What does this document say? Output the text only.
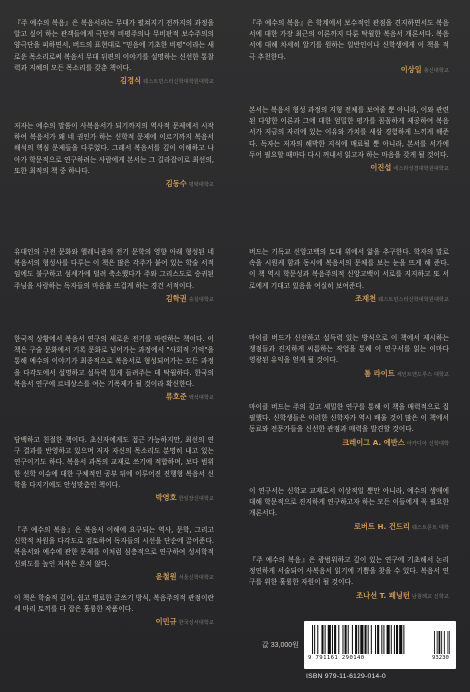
『주 예수의 복음』은 복음서라는 무대가 펼쳐지기 전까지의 과정을 알고 싶어 하는 관객들에게 극단적 비평주의나 무비판적 보수주의의 양극단을 피하면서, 버드의 표현대로 "믿음에 기초한 비평"이라는 새로운 목소리로써 복음서 무대 뒤편의 이야기를 설명하는 신선한 통찰력과 지혜의 모든 목소리를 갖춘 책이다.

김경식 웨스트민스터신학대학원대학교

저자는 예수의 말씀이 사복음서가 되기까지의 역사적 문제에서 시작하여 복음서가 왜 네 권인가 하는 신학적 문제에 이르기까지 복음서 해석의 핵심 문제들을 다루었다. 그래서 복음서를 깊이 이해하고 나아가 학문적으로 연구하려는 사람에게 본서는 그 길라잡이로 최선의, 또한 최적의 책 중 하나다.

김동수 평택대학교

유대인의 구전 문화와 헬레니즘의 전기 문학의 영향 아래 형성된 네 복음서의 형성사를 다루는 이 책은 많은 각주가 붙어 있는 학술 서적임에도 불구하고 섬세가에 덜려 축소했다가 주와 그리스도로 승귀된 주님을 사랑하는 독자들의 마음을 뜨겁게 하는 경건 서적이다.

김학권 숭실대학교

한국적 상황에서 복음서 연구의 새로운 전기를 마련하는 책이다. 이 책은 구술 문화에서 기록 문화로 넘어가는 과정에서 "사회적 기억"을 통해 예수의 이야기가 최종적으로 복음서로 형성되어가는 모든 과정을 다각도에서 설명하고 설득력 있게 들려주는 데 탁월하다. 한국의 복음서 연구에 르네상스를 여는 기폭제가 될 것이라 확신한다.

류호준 백석대학교

담백하고 친절한 책이다. 초신자에게도 접근 가능하지만, 최선의 연구 결과를 반영하고 있으며 저자 자신의 목소리도 분명히 내고 있는 연구이기도 하다. 복음서 과목의 교재로 쓰기에 적합하며, 보다 범위한 신학 이슈에 대한 구체적인 공부 뒤에 이루어진 진행형 복음서 신학을 다지기에도 안성맞춤인 책이다.

박영호 한일장신대학교

『주 예수의 복음』은 복음서 이해에 요구되는 역사, 문학, 그리고 신학적 차원을 다각도로 검토하여 독자들의 시선을 단순에 끌어준다. 복음서와 예수에 관한 문제를 이처럼 심층적으로 연구하여 성서학적 신뢰도를 높인 저작은 흔치 않다.

윤철원 서울신학대학교

이 책은 학술적 깊이, 쉽고 명료한 글쓰기 방식, 복음주의적 관점이란 세 마리 토끼를 다 잡은 훌륭한 작품이다.

이민규 한국성서대학교

『주 예수의 복음』은 학계에서 보수적인 관점을 견지하면서도 복음서에 대한 가장 최근의 이론까지 다룬 탁월한 복음서 개론서다. 복음서에 대해 차세히 알기를 원하는 일반인이나 신학생에게 이 책을 적극 추천한다.

이상일 총신대학교

본서는 복음서 형성 과정의 지형 전체를 보여줄 뿐 아니라, 이와 관련된 다양한 이론과 그에 대한 엄밀한 평가를 꼼꼼하게 제공하여 복음서가 지금의 자리에 있는 이유와 가치를 새삼 경험하게 느끼게 해준다. 독자는 저자의 해박한 지식에 매료될 뿐 아니라, 본서를 서가에 두어 필요할 때마다 다시 꺼내서 읽고자 하는 마음을 갖게 될 것이다.

이진섭 에스라성경대학원대학교

버드는 기독교 신앙고백의 토대 위에서 앎을 추구한다. 학자의 말로 속을 시원케 함과 동시에 복음서의 문체를 보는 눈을 뜨게 해 준다. 이 책 역시 학문성과 복음주의적 신앙고백이 서로를 지지하고 또 서로에게 기대고 있음을 여실히 보여준다.

조재천 웨스트민스터신학대학원대학교

마이클 버드가 신선하고 설득력 있는 방식으로 이 책에서 제시하는 쟁점들과 진지하게 씨름하는 작업을 통해 이 연구서를 읽는 이마다 영광된 유익을 얻게 될 것이다.

톰 라이트 세인트앤드루스 대학교

마이클 버드는 주의 깊고 세밀한 연구를 통해 이 책을 매력적으로 집필했다. 신학생들은 이러한 신학자가 역시 배울 것이 많은 이 책에서 동료와 전문가들을 신선한 관점과 매력을 발견할 것이다.

크레이그 A. 에반스 아카디아 신학대학

이 연구서는 신학교 교재로서 이상적일 뿐만 아니라, 예수의 생애에 대해 학문적으로 진지하게 연구하고자 하는 모든 이들에게 꼭 필요한 개론서다.

로버트 H. 건드리 웨스트몬트 대학

『주 예수의 복음』은 광범위하고 깊이 있는 연구에 기초해서 논리 정연하게 서술되어 사복음서 읽기에 기쁨을 찾을 수 있다. 복음서 연구를 위한 훌륭한 자원이 될 것이다.

조나선 T. 페닝턴 남침례교 신학교
값 33,000원
9 791161 290140	93230
ISBN 979-11-6129-014-0
